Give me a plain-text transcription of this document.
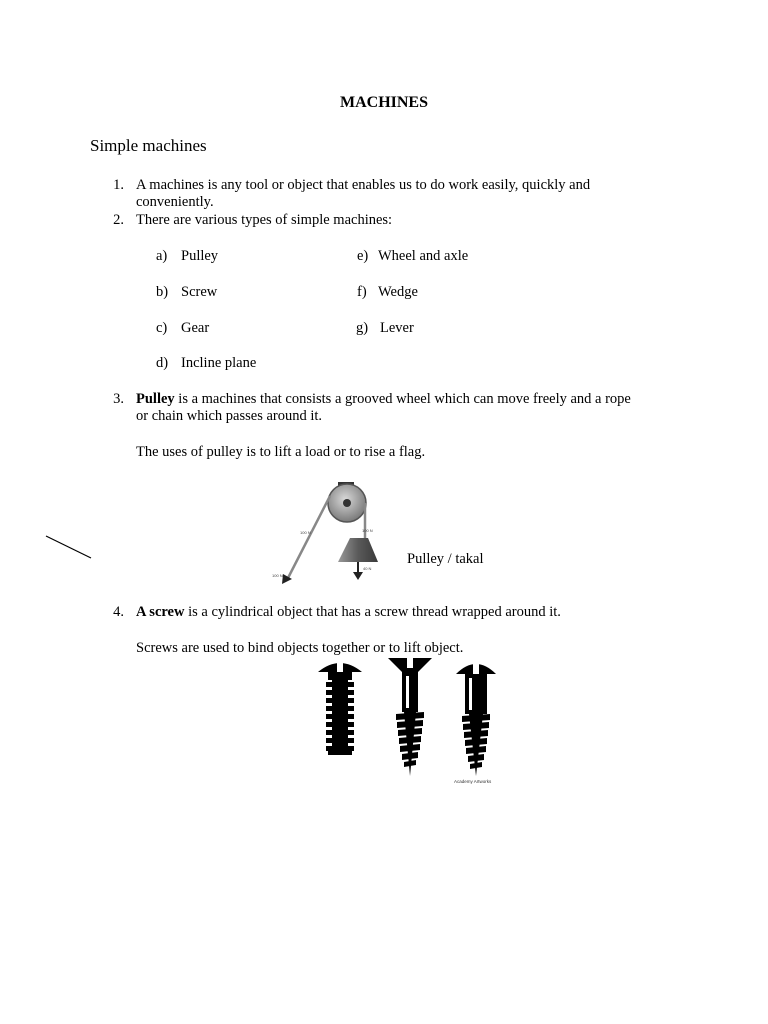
MACHINES
Simple machines
1. A machines is any tool or object that enables us to do work easily, quickly and conveniently.
2. There are various types of simple machines:
a) Pulley
b) Screw
c) Gear
d) Incline plane
e) Wheel and axle
f) Wedge
g) Lever
3. Pulley is a machines that consists a grooved wheel which can move freely and a rope or chain which passes around it.
The uses of pulley is to lift a load or to rise a flag.
100 N	100 N
100 N
40 N
Pulley / takal
4. A screw is a cylindrical object that has a screw thread wrapped around it.
Screws are used to bind objects together or to lift object.
Academy Artworks
